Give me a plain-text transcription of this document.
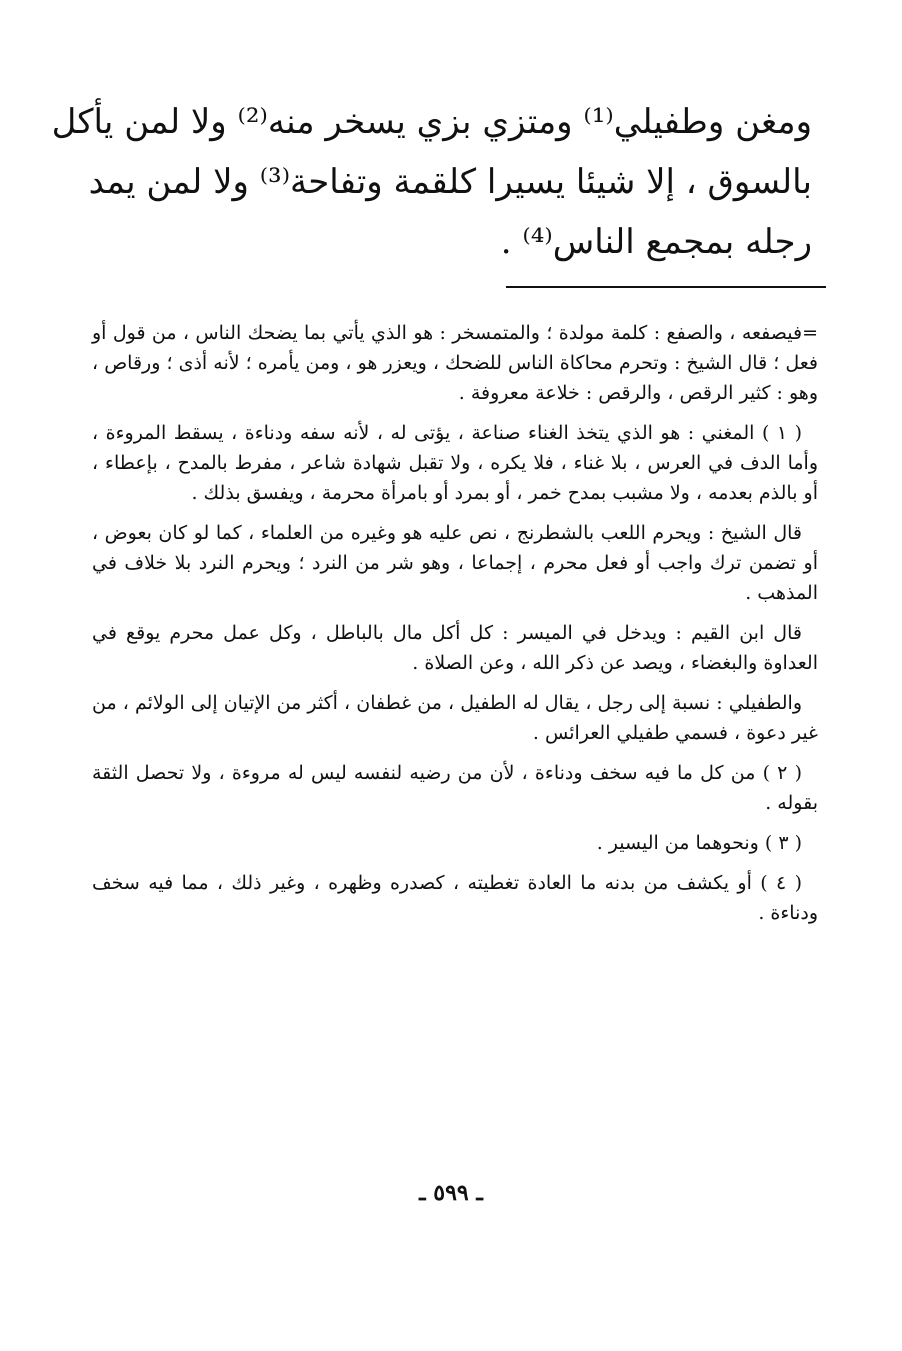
ومغن وطفيلي⁽¹⁾ ومتزي بزي يسخر منه⁽²⁾ ولا لمن يأكل
بالسوق ، إلا شيئا يسيرا كلقمة وتفاحة⁽³⁾ ولا لمن يمد
رجله بمجمع الناس⁽⁴⁾ .

=فيصفعه ، والصفع : كلمة مولدة ؛ والمتمسخر : هو الذي يأتي بما يضحك الناس ، من قول أو فعل ؛ قال الشيخ : وتحرم محاكاة الناس للضحك ، ويعزر هو ، ومن يأمره ؛ لأنه أذى ؛ ورقاص ، وهو : كثير الرقص ، والرقص : خلاعة معروفة .

( ١ ) المغني : هو الذي يتخذ الغناء صناعة ، يؤتى له ، لأنه سفه ودناءة ، يسقط المروءة ، وأما الدف في العرس ، بلا غناء ، فلا يكره ، ولا تقبل شهادة شاعر ، مفرط بالمدح ، بإعطاء ، أو بالذم بعدمه ، ولا مشبب بمدح خمر ، أو بمرد أو بامرأة محرمة ، ويفسق بذلك .

قال الشيخ : ويحرم اللعب بالشطرنج ، نص عليه هو وغيره من العلماء ، كما لو كان بعوض ، أو تضمن ترك واجب أو فعل محرم ، إجماعا ، وهو شر من النرد ؛ ويحرم النرد بلا خلاف في المذهب .

قال ابن القيم : ويدخل في الميسر : كل أكل مال بالباطل ، وكل عمل محرم يوقع في العداوة والبغضاء ، ويصد عن ذكر الله ، وعن الصلاة .

والطفيلي : نسبة إلى رجل ، يقال له الطفيل ، من غطفان ، أكثر من الإتيان إلى الولائم ، من غير دعوة ، فسمي طفيلي العرائس .

( ٢ ) من كل ما فيه سخف ودناءة ، لأن من رضيه لنفسه ليس له مروءة ، ولا تحصل الثقة بقوله .

( ٣ ) ونحوهما من اليسير .

( ٤ ) أو يكشف من بدنه ما العادة تغطيته ، كصدره وظهره ، وغير ذلك ، مما فيه سخف ودناءة .

ـ ٥٩٩ ـ
